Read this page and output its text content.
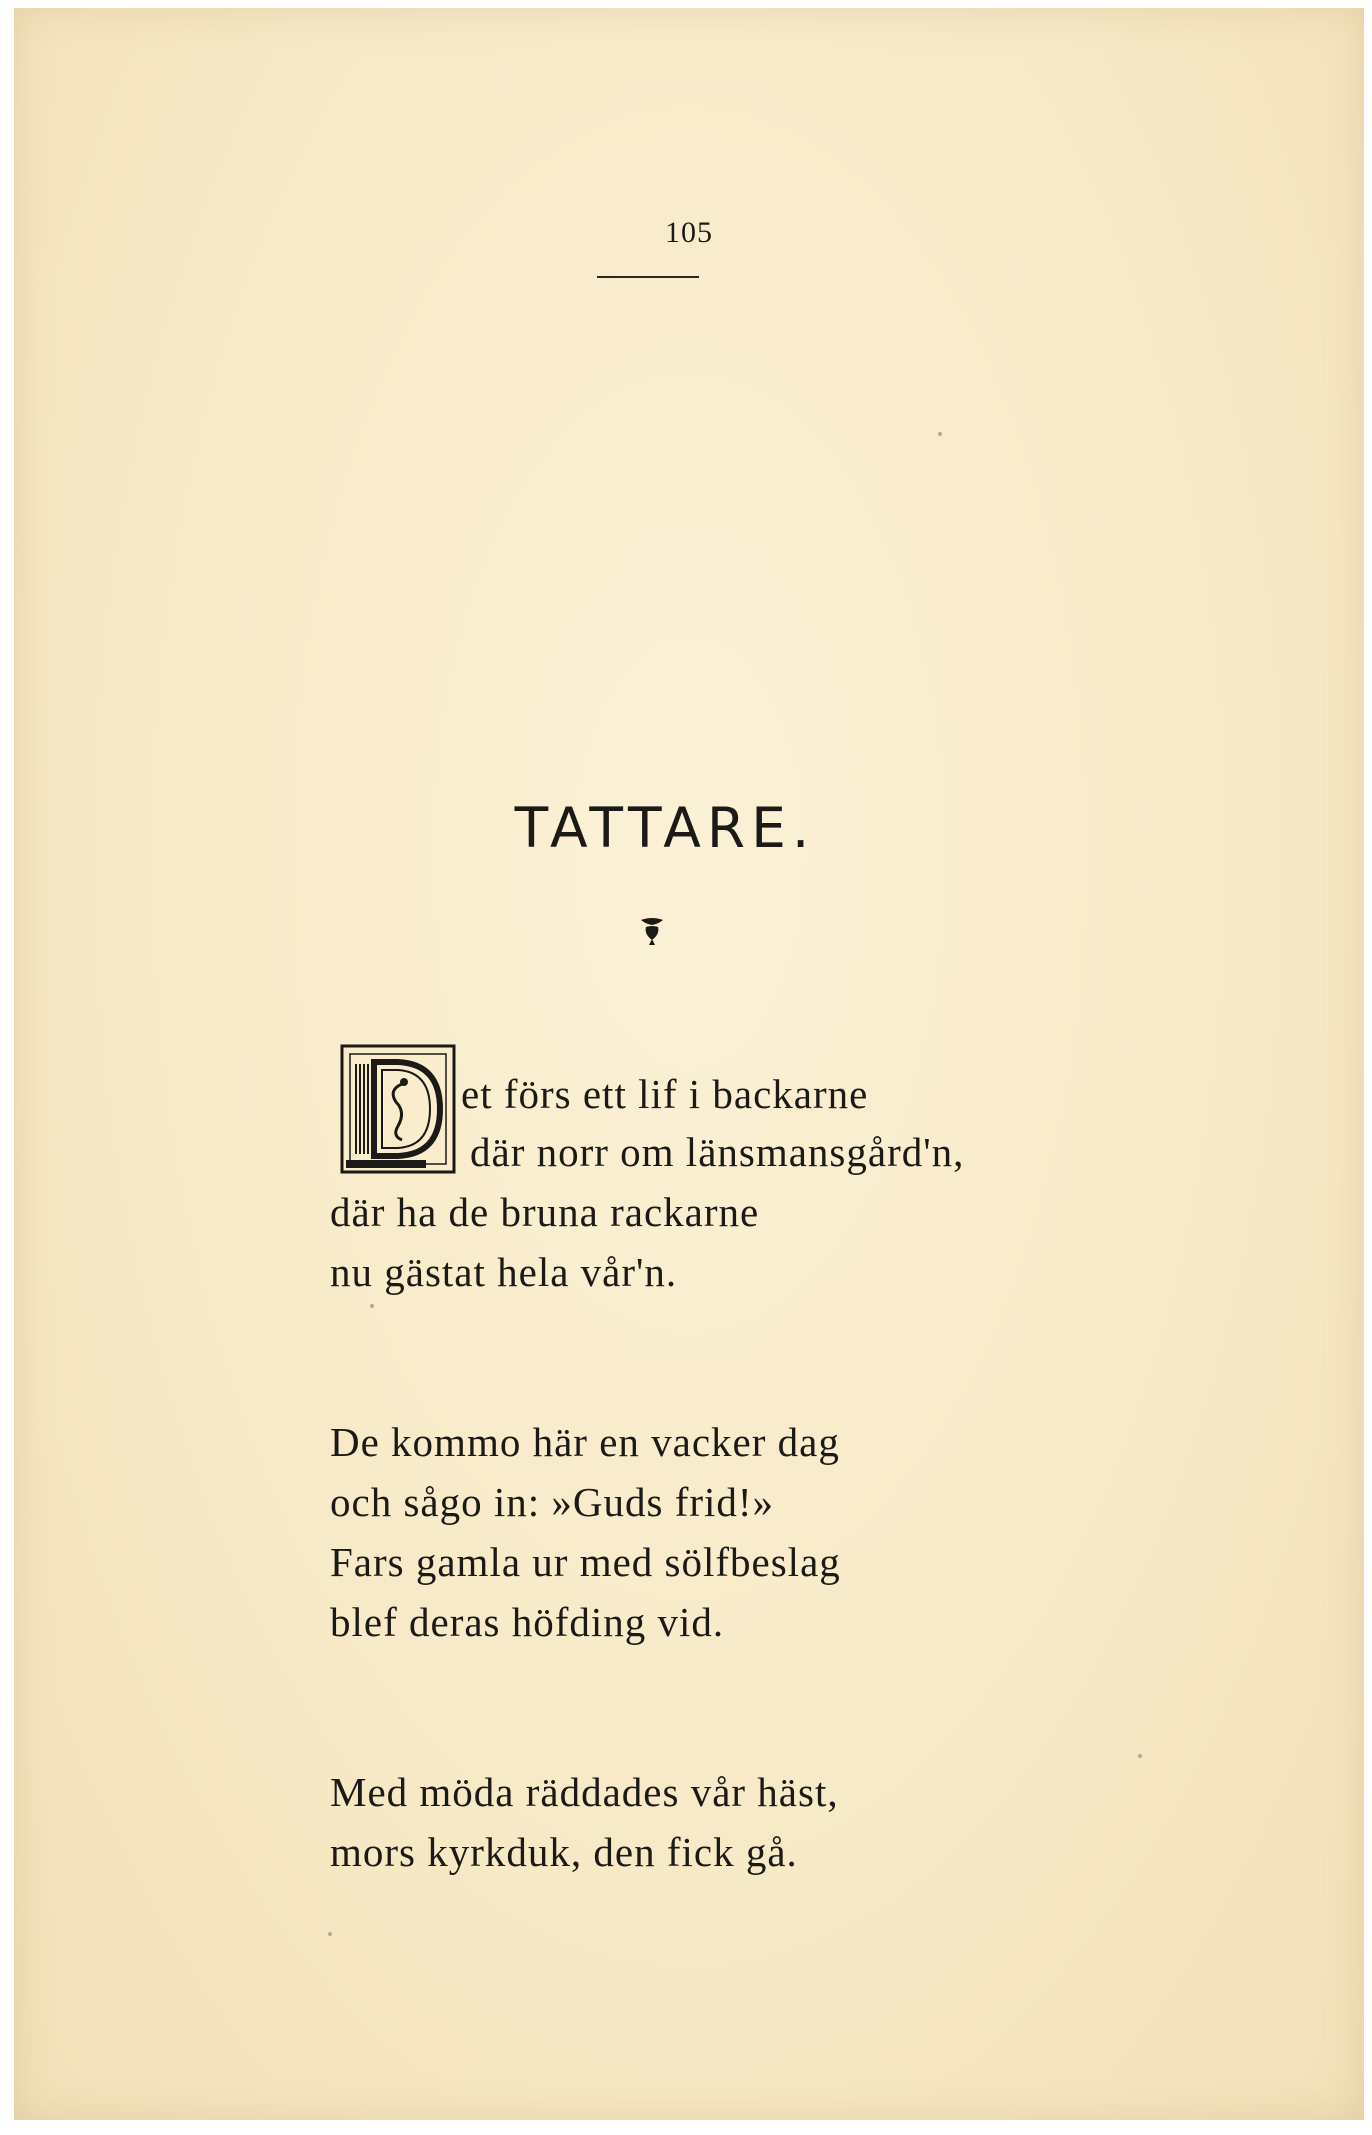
105
TATTARE.
et förs ett lif i backarne
där norr om länsmansgård'n,
där ha de bruna rackarne
nu gästat hela vår'n.
De kommo här en vacker dag
och sågo in: »Guds frid!»
Fars gamla ur med sölfbeslag
blef deras höfding vid.
Med möda räddades vår häst,
mors kyrkduk, den fick gå.
